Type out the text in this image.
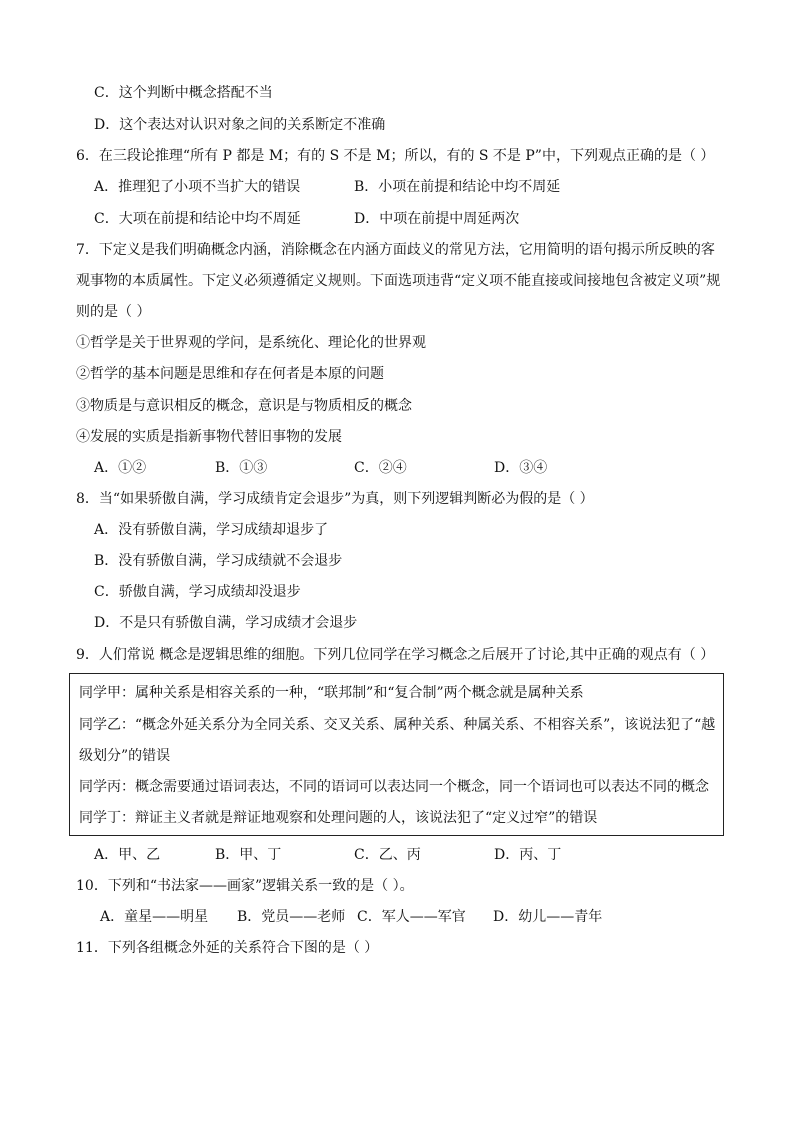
C．这个判断中概念搭配不当
D．这个表达对认识对象之间的关系断定不准确
6．在三段论推理“所有 P 都是 M；有的 S 不是 M；所以，有的 S 不是 P”中，下列观点正确的是（ ）
A．推理犯了小项不当扩大的错误	B．小项在前提和结论中均不周延
C．大项在前提和结论中均不周延	D．中项在前提中周延两次
7．下定义是我们明确概念内涵，消除概念在内涵方面歧义的常见方法，它用简明的语句揭示所反映的客
观事物的本质属性。下定义必须遵循定义规则。下面选项违背“定义项不能直接或间接地包含被定义项”规
则的是（ ）
①哲学是关于世界观的学问，是系统化、理论化的世界观
②哲学的基本问题是思维和存在何者是本原的问题
③物质是与意识相反的概念，意识是与物质相反的概念
④发展的实质是指新事物代替旧事物的发展
A．①②	B．①③	C．②④	D．③④
8．当“如果骄傲自满，学习成绩肯定会退步”为真，则下列逻辑判断必为假的是（ ）
A．没有骄傲自满，学习成绩却退步了
B．没有骄傲自满，学习成绩就不会退步
C．骄傲自满，学习成绩却没退步
D．不是只有骄傲自满，学习成绩才会退步
9．人们常说 概念是逻辑思维的细胞。下列几位同学在学习概念之后展开了讨论,其中正确的观点有（ ）
同学甲：属种关系是相容关系的一种，“联邦制”和“复合制”两个概念就是属种关系
同学乙：“概念外延关系分为全同关系、交叉关系、属种关系、种属关系、不相容关系”，该说法犯了“越
级划分”的错误
同学丙：概念需要通过语词表达，不同的语词可以表达同一个概念，同一个语词也可以表达不同的概念
同学丁：辩证主义者就是辩证地观察和处理问题的人，该说法犯了“定义过窄”的错误
A．甲、乙	B．甲、丁	C．乙、丙	D．丙、丁
10．下列和“书法家——画家”逻辑关系一致的是（ ）。
A．童星——明星 B．党员——老师 C．军人——军官 D．幼儿——青年
11．下列各组概念外延的关系符合下图的是（ ）
